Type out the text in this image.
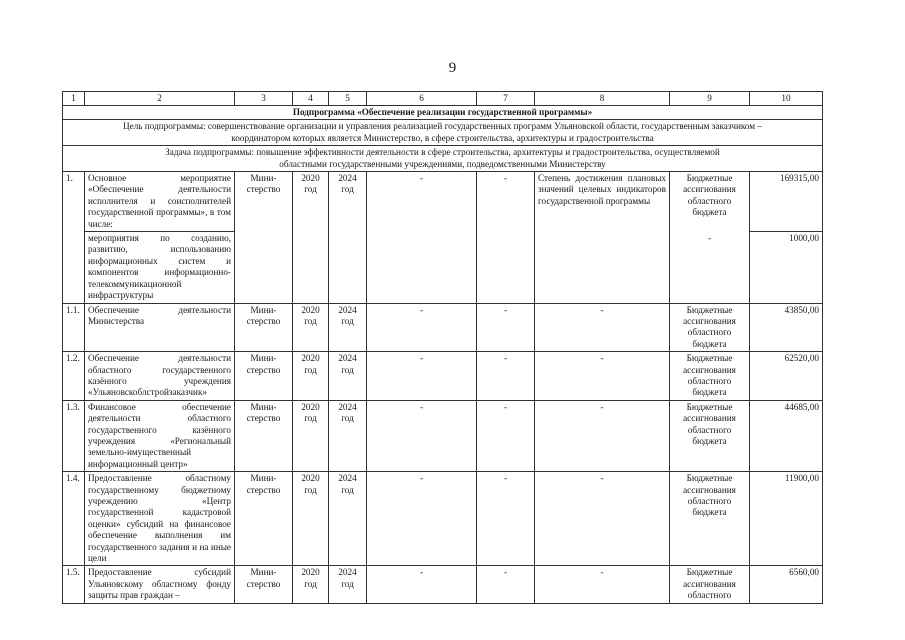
9
1	2	3	4	5	6	7	8	9	10
Подпрограмма «Обеспечение реализации государственной программы»									
Цель подпрограммы: совершенствование организации и управления реализацией государственных программ Ульяновской области, государственным заказчиком – координатором которых является Министерство, в сфере строительства, архитектуры и градостроительства									
Задача подпрограммы: повышение эффективности деятельности в сфере строительства, архитектуры и градостроительства, осуществляемой областными государственными учреждениями, подведомственными Министерству									
1.	Основное мероприятие «Обеспечение деятельности исполнителя и соисполнителей государственной программы», в том числе:	Мини-стерство	2020 год	2024 год	-	-	Степень достижения плановых значений целевых индикаторов государственной программы	Бюджетные ассигнования областного бюджета	169315,00
	мероприятия по созданию, развитию, использованию информационных систем и компонентов информационно-телекоммуникационной инфраструктуры							-	1000,00
1.1.	Обеспечение деятельности Министерства	Мини-стерство	2020 год	2024 год	-	-	-	Бюджетные ассигнования областного бюджета	43850,00
1.2.	Обеспечение деятельности областного государственного казённого учреждения «Ульяновскоблстройзаказчик»	Мини-стерство	2020 год	2024 год	-	-	-	Бюджетные ассигнования областного бюджета	62520,00
1.3.	Финансовое обеспечение деятельности областного государственного казённого учреждения «Региональный земельно-имущественный информационный центр»	Мини-стерство	2020 год	2024 год	-	-	-	Бюджетные ассигнования областного бюджета	44685,00
1.4.	Предоставление областному государственному бюджетному учреждению «Центр государственной кадастровой оценки» субсидий на финансовое обеспечение выполнения им государственного задания и на иные цели	Мини-стерство	2020 год	2024 год	-	-	-	Бюджетные ассигнования областного бюджета	11900,00
1.5.	Предоставление субсидий Ульяновскому областному фонду защиты прав граждан –	Мини-стерство	2020 год	2024 год	-	-	-	Бюджетные ассигнования областного	6560,00
